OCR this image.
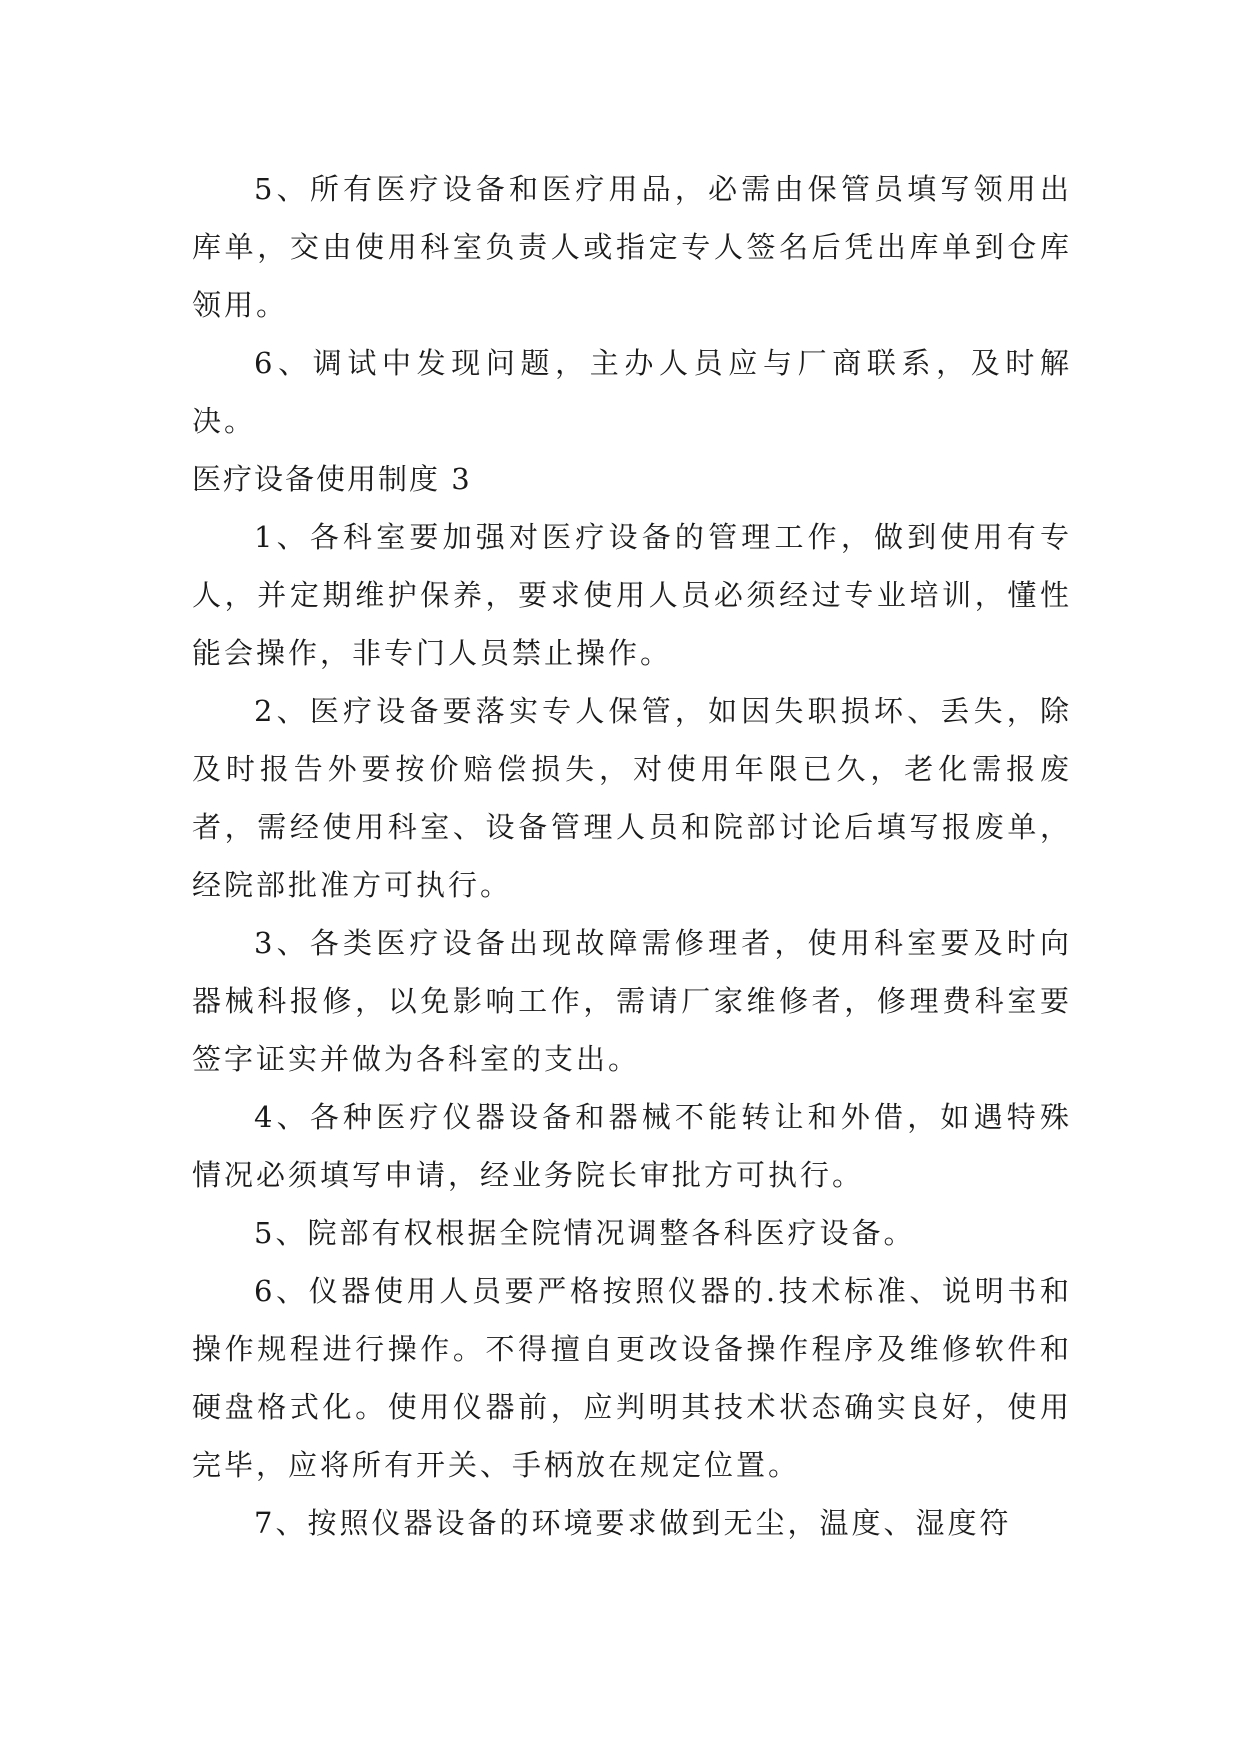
5、所有医疗设备和医疗用品，必需由保管员填写领用出库单，交由使用科室负责人或指定专人签名后凭出库单到仓库领用。

6、调试中发现问题，主办人员应与厂商联系，及时解决。

医疗设备使用制度 3

1、各科室要加强对医疗设备的管理工作，做到使用有专人，并定期维护保养，要求使用人员必须经过专业培训，懂性能会操作，非专门人员禁止操作。

2、医疗设备要落实专人保管，如因失职损坏、丢失，除及时报告外要按价赔偿损失，对使用年限已久，老化需报废者，需经使用科室、设备管理人员和院部讨论后填写报废单，经院部批准方可执行。

3、各类医疗设备出现故障需修理者，使用科室要及时向器械科报修，以免影响工作，需请厂家维修者，修理费科室要签字证实并做为各科室的支出。

4、各种医疗仪器设备和器械不能转让和外借，如遇特殊情况必须填写申请，经业务院长审批方可执行。

5、院部有权根据全院情况调整各科医疗设备。

6、仪器使用人员要严格按照仪器的.技术标准、说明书和操作规程进行操作。不得擅自更改设备操作程序及维修软件和硬盘格式化。使用仪器前，应判明其技术状态确实良好，使用完毕，应将所有开关、手柄放在规定位置。

7、按照仪器设备的环境要求做到无尘，温度、湿度符
